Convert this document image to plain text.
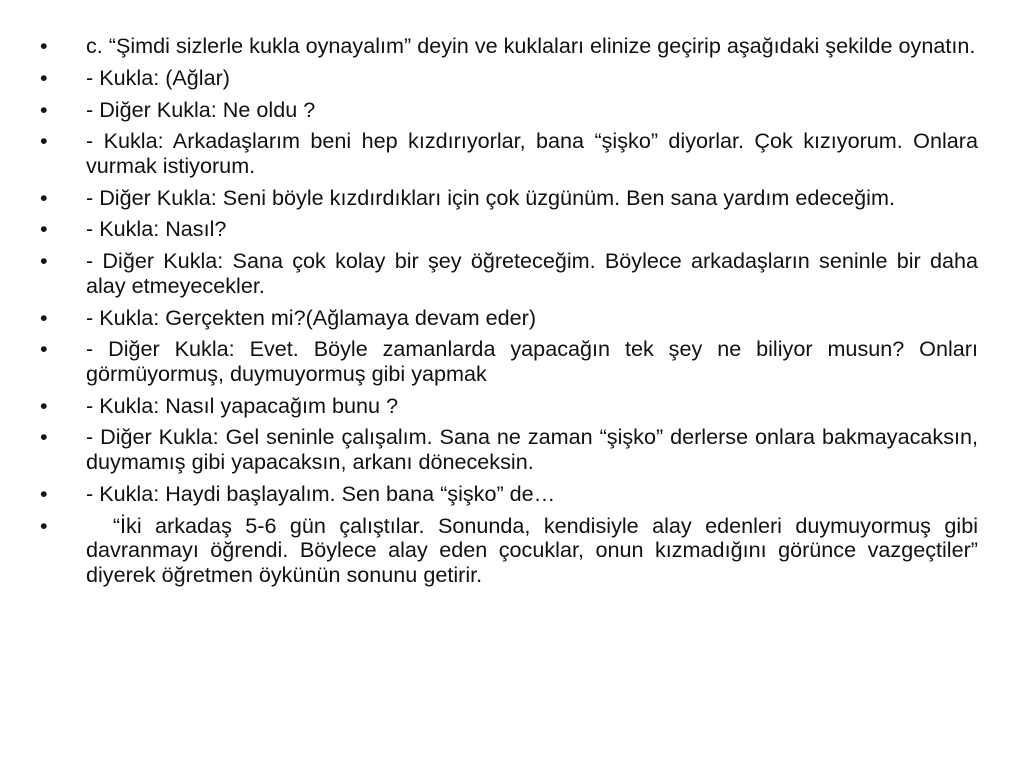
•	c. “Şimdi sizlerle kukla oynayalım” deyin ve kuklaları elinize geçirip aşağıdaki şekilde oynatın.
•	- Kukla: (Ağlar)
•	- Diğer Kukla: Ne oldu ?
•	- Kukla: Arkadaşlarım beni hep kızdırıyorlar, bana “şişko” diyorlar. Çok kızıyorum. Onlara vurmak istiyorum.
•	- Diğer Kukla: Seni böyle kızdırdıkları için çok üzgünüm. Ben sana yardım edeceğim.
•	- Kukla: Nasıl?
•	- Diğer Kukla: Sana çok kolay bir şey öğreteceğim. Böylece arkadaşların seninle bir daha alay etmeyecekler.
•	- Kukla: Gerçekten mi?(Ağlamaya devam eder)
•	- Diğer Kukla: Evet. Böyle zamanlarda yapacağın tek şey ne biliyor musun? Onları görmüyormuş, duymuyormuş gibi yapmak
•	- Kukla: Nasıl yapacağım bunu ?
•	- Diğer Kukla: Gel seninle çalışalım. Sana ne zaman “şişko” derlerse onlara bakmayacaksın, duymamış gibi yapacaksın, arkanı döneceksin.
•	- Kukla: Haydi başlayalım. Sen bana “şişko” de…
•	“İki arkadaş 5-6 gün çalıştılar. Sonunda, kendisiyle alay edenleri duymuyormuş gibi davranmayı öğrendi. Böylece alay eden çocuklar, onun kızmadığını görünce vazgeçtiler” diyerek öğretmen öykünün sonunu getirir.
